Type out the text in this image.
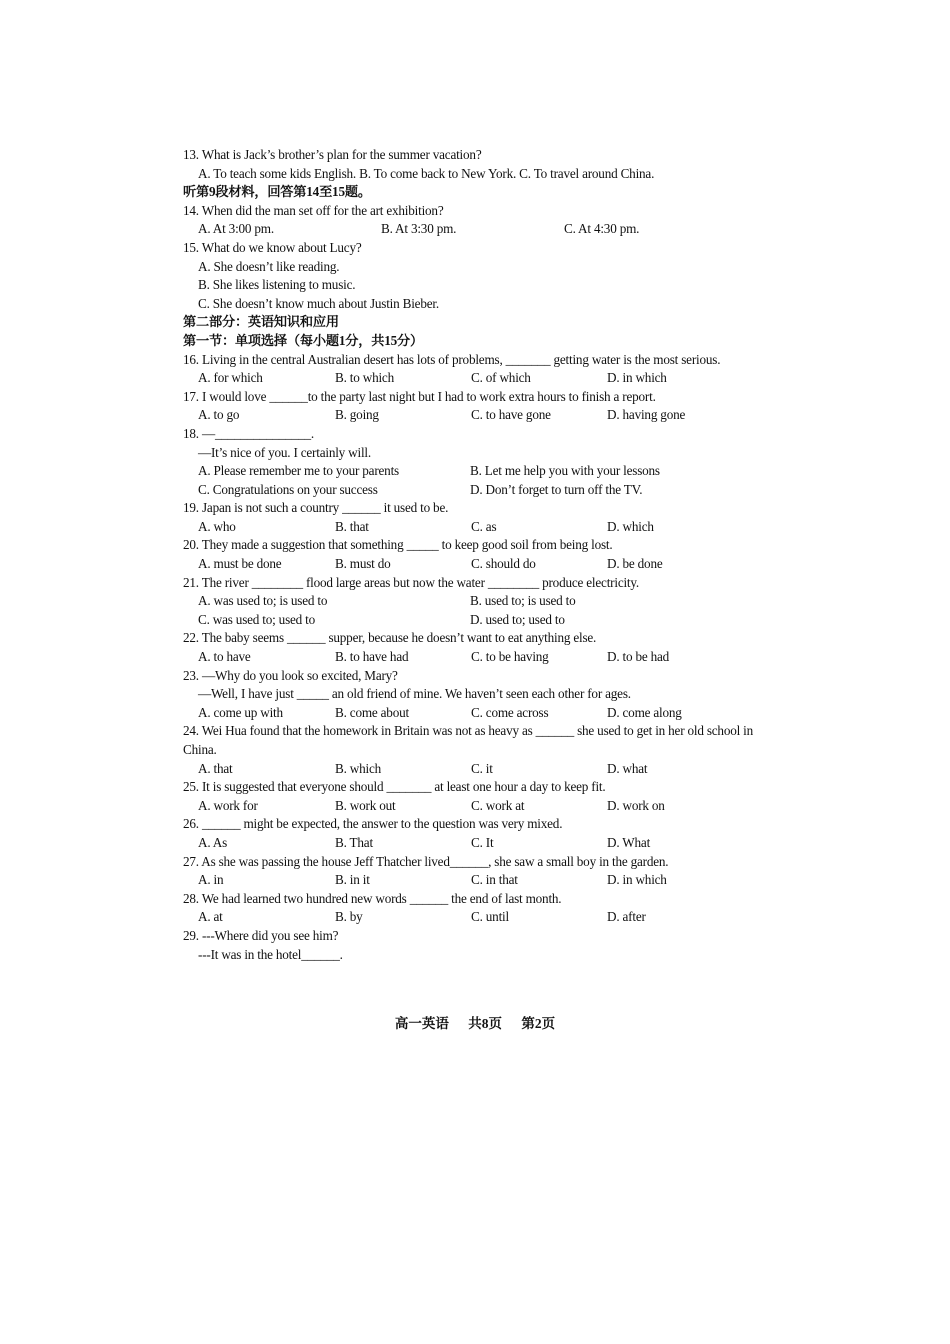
13. What is Jack’s brother’s plan for the summer vacation?
A. To teach some kids English. B. To come back to New York. C. To travel around China.
听第9段材料，回答第14至15题。
14. When did the man set off for the art exhibition?
A. At 3:00 pm.	B. At 3:30 pm.	C. At 4:30 pm.
15. What do we know about Lucy?
A. She doesn’t like reading.
B. She likes listening to music.
C. She doesn’t know much about Justin Bieber.
第二部分：英语知识和应用
第一节：单项选择（每小题1分，共15分）
16. Living in the central Australian desert has lots of problems, _______ getting water is the most serious.
A. for which	B. to which	C. of which	D. in which
17. I would love ______to the party last night but I had to work extra hours to finish a report.
A. to go	B. going	C. to have gone	D. having gone
18. —_______________.
—It’s nice of you. I certainly will.
A. Please remember me to your parents	B. Let me help you with your lessons
C. Congratulations on your success	D. Don’t forget to turn off the TV.
19. Japan is not such a country ______ it used to be.
A. who	B. that	C. as	D. which
20. They made a suggestion that something _____ to keep good soil from being lost.
A. must be done	B. must do	C. should do	D. be done
21. The river ________ flood large areas but now the water ________ produce electricity.
A. was used to; is used to	B. used to; is used to
C. was used to; used to	D. used to; used to
22. The baby seems ______ supper, because he doesn’t want to eat anything else.
A. to have	B. to have had	C. to be having	D. to be had
23. —Why do you look so excited, Mary?
—Well, I have just _____ an old friend of mine. We haven’t seen each other for ages.
A. come up with	B. come about	C. come across	D. come along
24. Wei Hua found that the homework in Britain was not as heavy as ______ she used to get in her old school in China.
A. that	B. which	C. it	D. what
25. It is suggested that everyone should _______ at least one hour a day to keep fit.
A. work for	B. work out	C. work at	D. work on
26. ______ might be expected, the answer to the question was very mixed.
A. As	B. That	C. It	D. What
27. As she was passing the house Jeff Thatcher lived______, she saw a small boy in the garden.
A. in	B. in it	C. in that	D. in which
28. We had learned two hundred new words ______ the end of last month.
A. at	B. by	C. until	D. after
29. ---Where did you see him?
---It was in the hotel______.
高一英语 共8页 第2页
